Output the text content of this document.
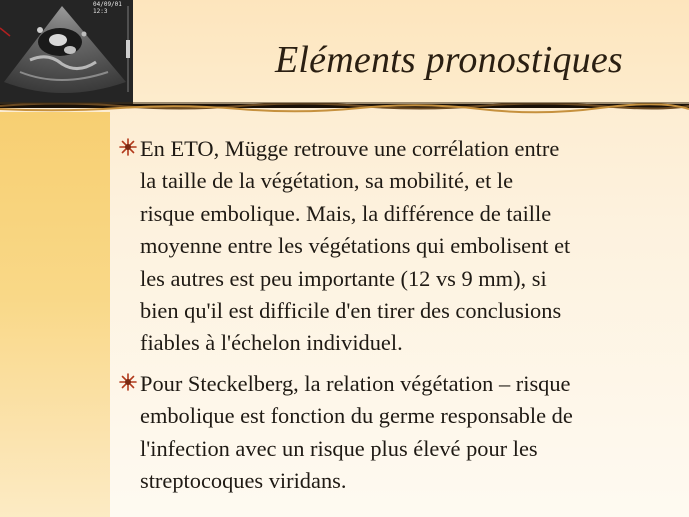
04/09/01 12:3
Eléments pronostiques
En ETO, Mügge retrouve une corrélation entre
la taille de la végétation, sa mobilité, et le
risque embolique. Mais, la différence de taille
moyenne entre les végétations qui embolisent et
les autres est peu importante (12 vs 9 mm), si
bien qu'il est difficile d'en tirer des conclusions
fiables à l'échelon individuel.
Pour Steckelberg, la relation végétation – risque
embolique est fonction du germe responsable de
l'infection avec un risque plus élevé pour les
streptocoques viridans.
